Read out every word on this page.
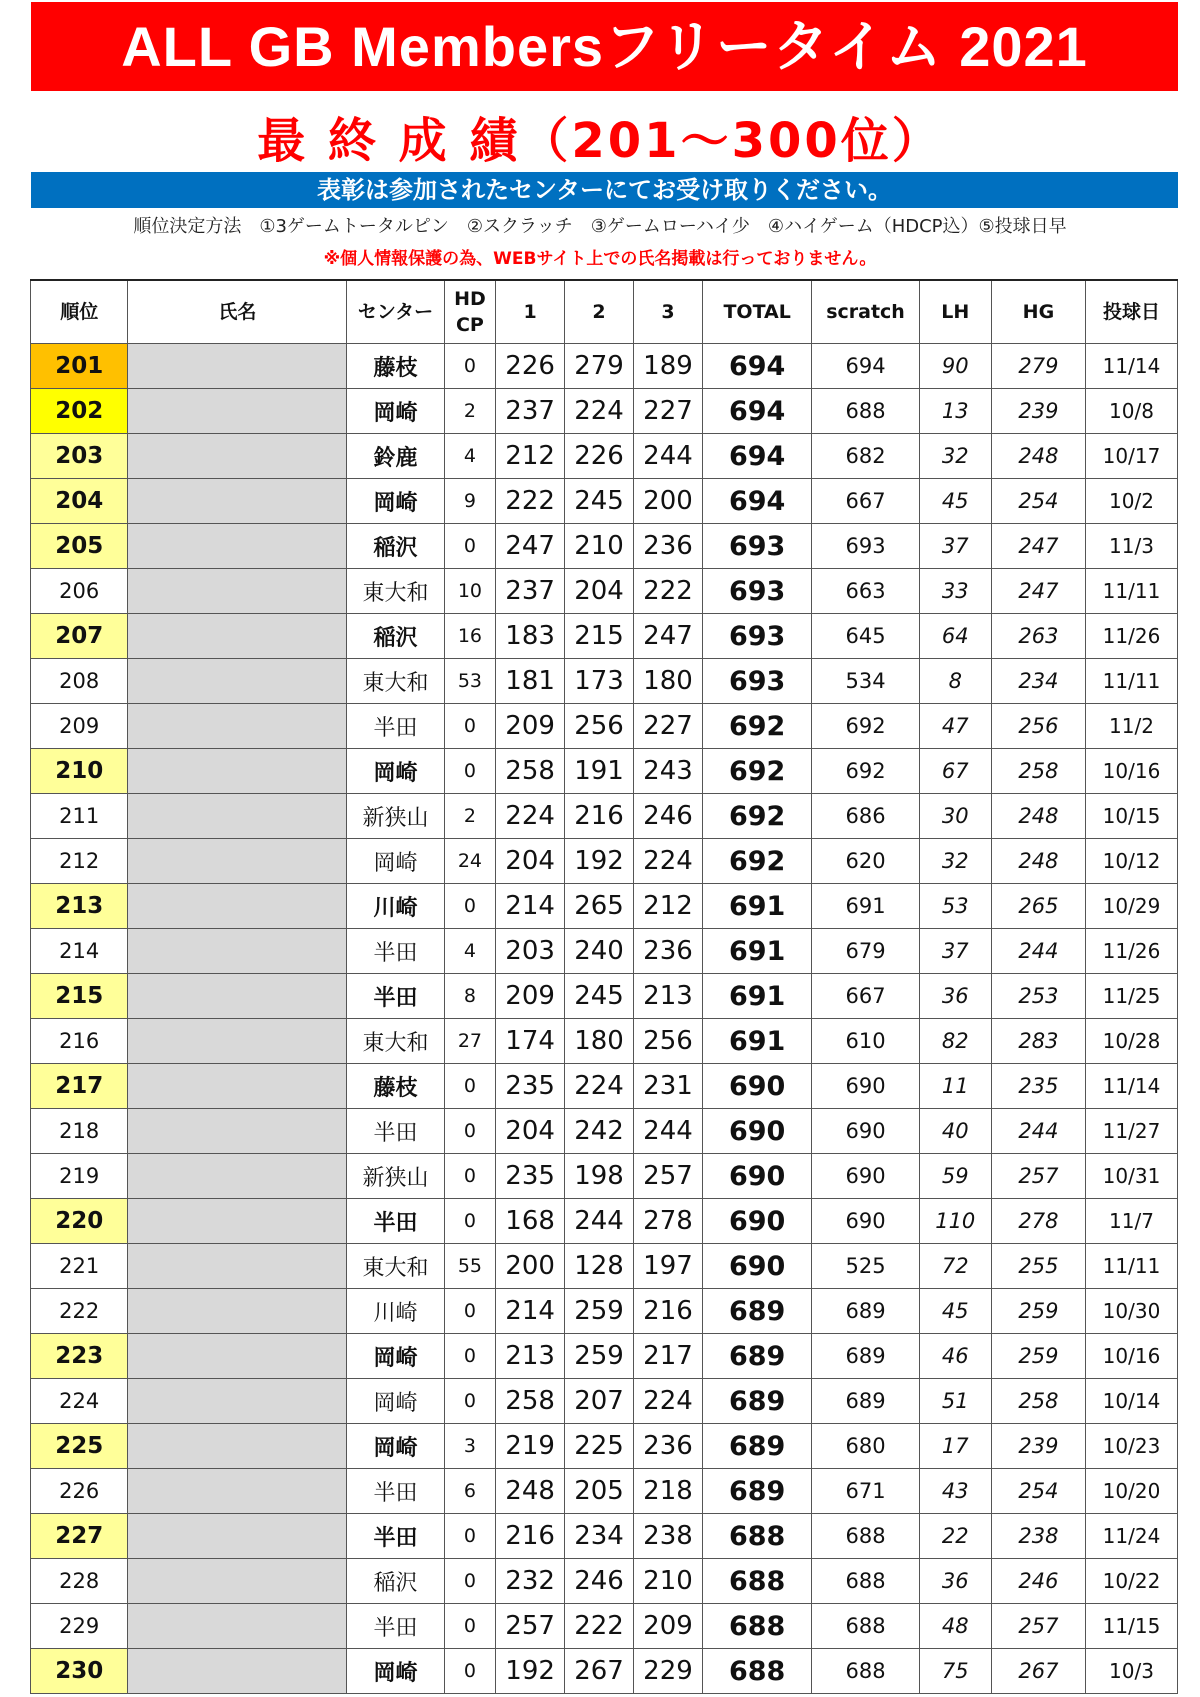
ALL GB Membersフリータイム 2021
最 終 成 績（201～300位）
表彰は参加されたセンターにてお受け取りください。
順位決定方法　①3ゲームトータルピン　②スクラッチ　③ゲームローハイ少　④ハイゲーム（HDCP込）⑤投球日早
※個人情報保護の為、WEBサイト上での氏名掲載は行っておりません。
順位	氏名	センター	HD
CP	1	2	3	TOTAL	scratch	LH	HG	投球日
201		藤枝	0	226	279	189	694	694	90	279	11/14
202		岡崎	2	237	224	227	694	688	13	239	10/8
203		鈴鹿	4	212	226	244	694	682	32	248	10/17
204		岡崎	9	222	245	200	694	667	45	254	10/2
205		稲沢	0	247	210	236	693	693	37	247	11/3
206		東大和	10	237	204	222	693	663	33	247	11/11
207		稲沢	16	183	215	247	693	645	64	263	11/26
208		東大和	53	181	173	180	693	534	8	234	11/11
209		半田	0	209	256	227	692	692	47	256	11/2
210		岡崎	0	258	191	243	692	692	67	258	10/16
211		新狭山	2	224	216	246	692	686	30	248	10/15
212		岡崎	24	204	192	224	692	620	32	248	10/12
213		川崎	0	214	265	212	691	691	53	265	10/29
214		半田	4	203	240	236	691	679	37	244	11/26
215		半田	8	209	245	213	691	667	36	253	11/25
216		東大和	27	174	180	256	691	610	82	283	10/28
217		藤枝	0	235	224	231	690	690	11	235	11/14
218		半田	0	204	242	244	690	690	40	244	11/27
219		新狭山	0	235	198	257	690	690	59	257	10/31
220		半田	0	168	244	278	690	690	110	278	11/7
221		東大和	55	200	128	197	690	525	72	255	11/11
222		川崎	0	214	259	216	689	689	45	259	10/30
223		岡崎	0	213	259	217	689	689	46	259	10/16
224		岡崎	0	258	207	224	689	689	51	258	10/14
225		岡崎	3	219	225	236	689	680	17	239	10/23
226		半田	6	248	205	218	689	671	43	254	10/20
227		半田	0	216	234	238	688	688	22	238	11/24
228		稲沢	0	232	246	210	688	688	36	246	10/22
229		半田	0	257	222	209	688	688	48	257	11/15
230		岡崎	0	192	267	229	688	688	75	267	10/3
